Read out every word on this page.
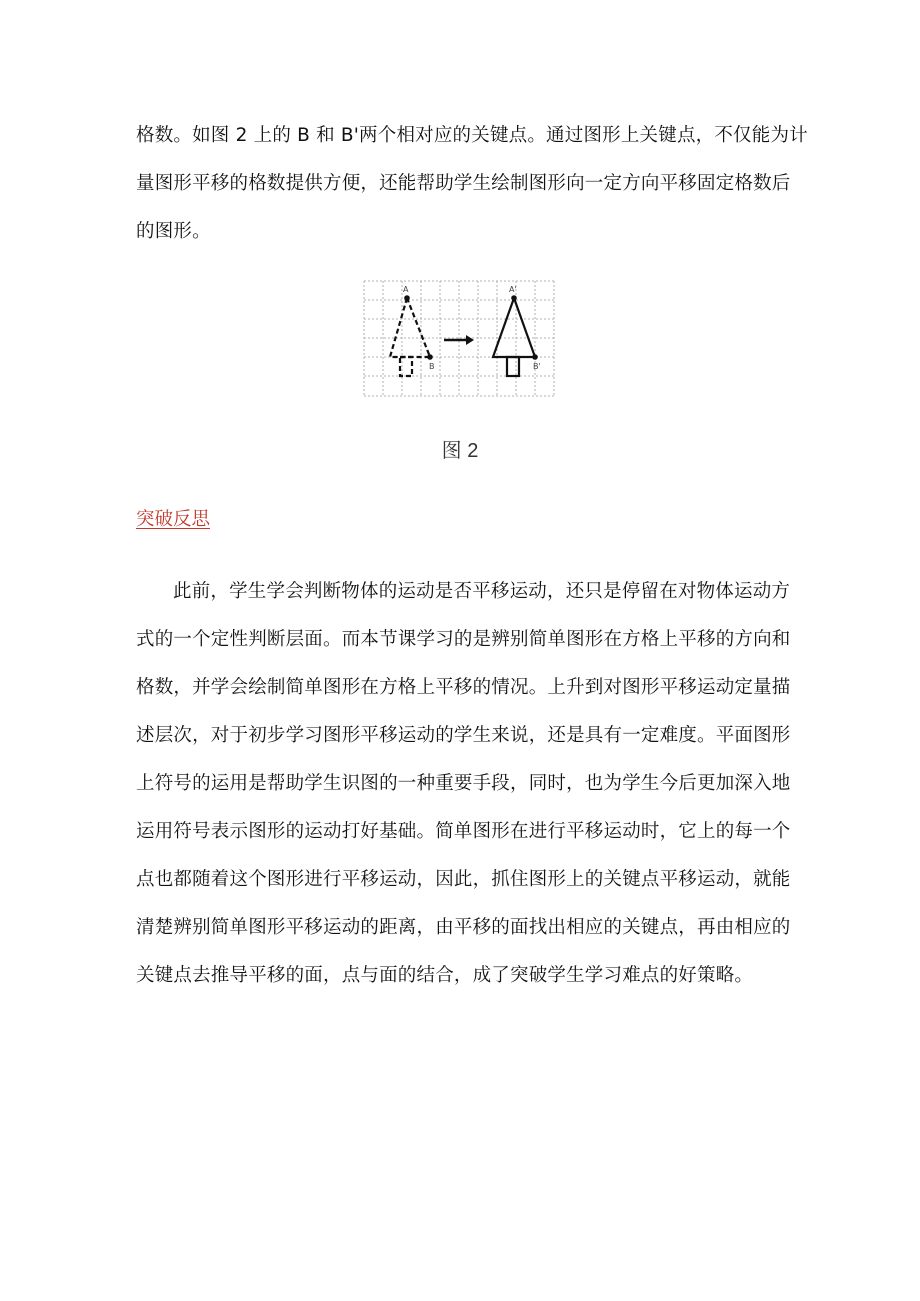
格数。如图 2 上的 B 和 B'两个相对应的关键点。通过图形上关键点，不仅能为计
量图形平移的格数提供方便，还能帮助学生绘制图形向一定方向平移固定格数后
的图形。

A
B
A'
B'
图 2
突破反思

此前，学生学会判断物体的运动是否平移运动，还只是停留在对物体运动方
式的一个定性判断层面。而本节课学习的是辨别简单图形在方格上平移的方向和
格数，并学会绘制简单图形在方格上平移的情况。上升到对图形平移运动定量描
述层次，对于初步学习图形平移运动的学生来说，还是具有一定难度。平面图形
上符号的运用是帮助学生识图的一种重要手段，同时，也为学生今后更加深入地
运用符号表示图形的运动打好基础。简单图形在进行平移运动时，它上的每一个
点也都随着这个图形进行平移运动，因此，抓住图形上的关键点平移运动，就能
清楚辨别简单图形平移运动的距离，由平移的面找出相应的关键点，再由相应的
关键点去推导平移的面，点与面的结合，成了突破学生学习难点的好策略。
